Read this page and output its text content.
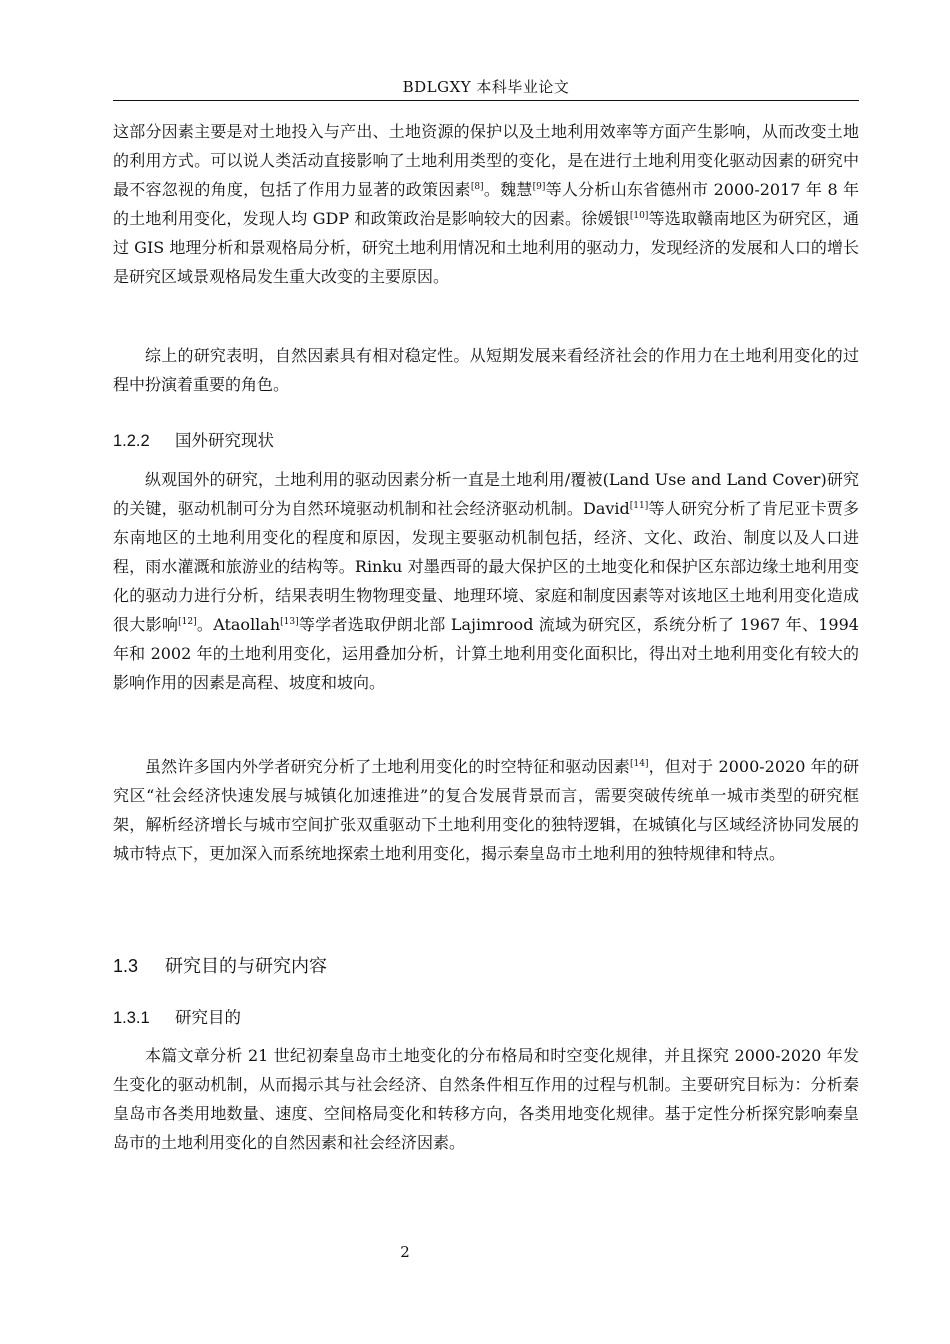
BDLGXY 本科毕业论文

这部分因素主要是对土地投入与产出、土地资源的保护以及土地利用效率等方面产生影响，从而改变土地的利用方式。可以说人类活动直接影响了土地利用类型的变化，是在进行土地利用变化驱动因素的研究中最不容忽视的角度，包括了作用力显著的政策因素[8]。魏慧[9]等人分析山东省德州市 2000-2017 年 8 年的土地利用变化，发现人均 GDP 和政策政治是影响较大的因素。徐媛银[10]等选取赣南地区为研究区，通过 GIS 地理分析和景观格局分析，研究土地利用情况和土地利用的驱动力，发现经济的发展和人口的增长是研究区域景观格局发生重大改变的主要原因。

综上的研究表明，自然因素具有相对稳定性。从短期发展来看经济社会的作用力在土地利用变化的过程中扮演着重要的角色。

1.2.2 国外研究现状

纵观国外的研究，土地利用的驱动因素分析一直是土地利用/覆被(Land Use and Land Cover)研究的关键，驱动机制可分为自然环境驱动机制和社会经济驱动机制。David[11]等人研究分析了肯尼亚卡贾多东南地区的土地利用变化的程度和原因，发现主要驱动机制包括，经济、文化、政治、制度以及人口进程，雨水灌溉和旅游业的结构等。Rinku 对墨西哥的最大保护区的土地变化和保护区东部边缘土地利用变化的驱动力进行分析，结果表明生物物理变量、地理环境、家庭和制度因素等对该地区土地利用变化造成很大影响[12]。Ataollah[13]等学者选取伊朗北部 Lajimrood 流域为研究区，系统分析了 1967 年、1994 年和 2002 年的土地利用变化，运用叠加分析，计算土地利用变化面积比，得出对土地利用变化有较大的影响作用的因素是高程、坡度和坡向。

虽然许多国内外学者研究分析了土地利用变化的时空特征和驱动因素[14]，但对于 2000-2020 年的研究区“社会经济快速发展与城镇化加速推进”的复合发展背景而言，需要突破传统单一城市类型的研究框架，解析经济增长与城市空间扩张双重驱动下土地利用变化的独特逻辑，在城镇化与区域经济协同发展的城市特点下，更加深入而系统地探索土地利用变化，揭示秦皇岛市土地利用的独特规律和特点。

1.3 研究目的与研究内容
1.3.1 研究目的

本篇文章分析 21 世纪初秦皇岛市土地变化的分布格局和时空变化规律，并且探究 2000-2020 年发生变化的驱动机制，从而揭示其与社会经济、自然条件相互作用的过程与机制。主要研究目标为：分析秦皇岛市各类用地数量、速度、空间格局变化和转移方向，各类用地变化规律。基于定性分析探究影响秦皇岛市的土地利用变化的自然因素和社会经济因素。

2
